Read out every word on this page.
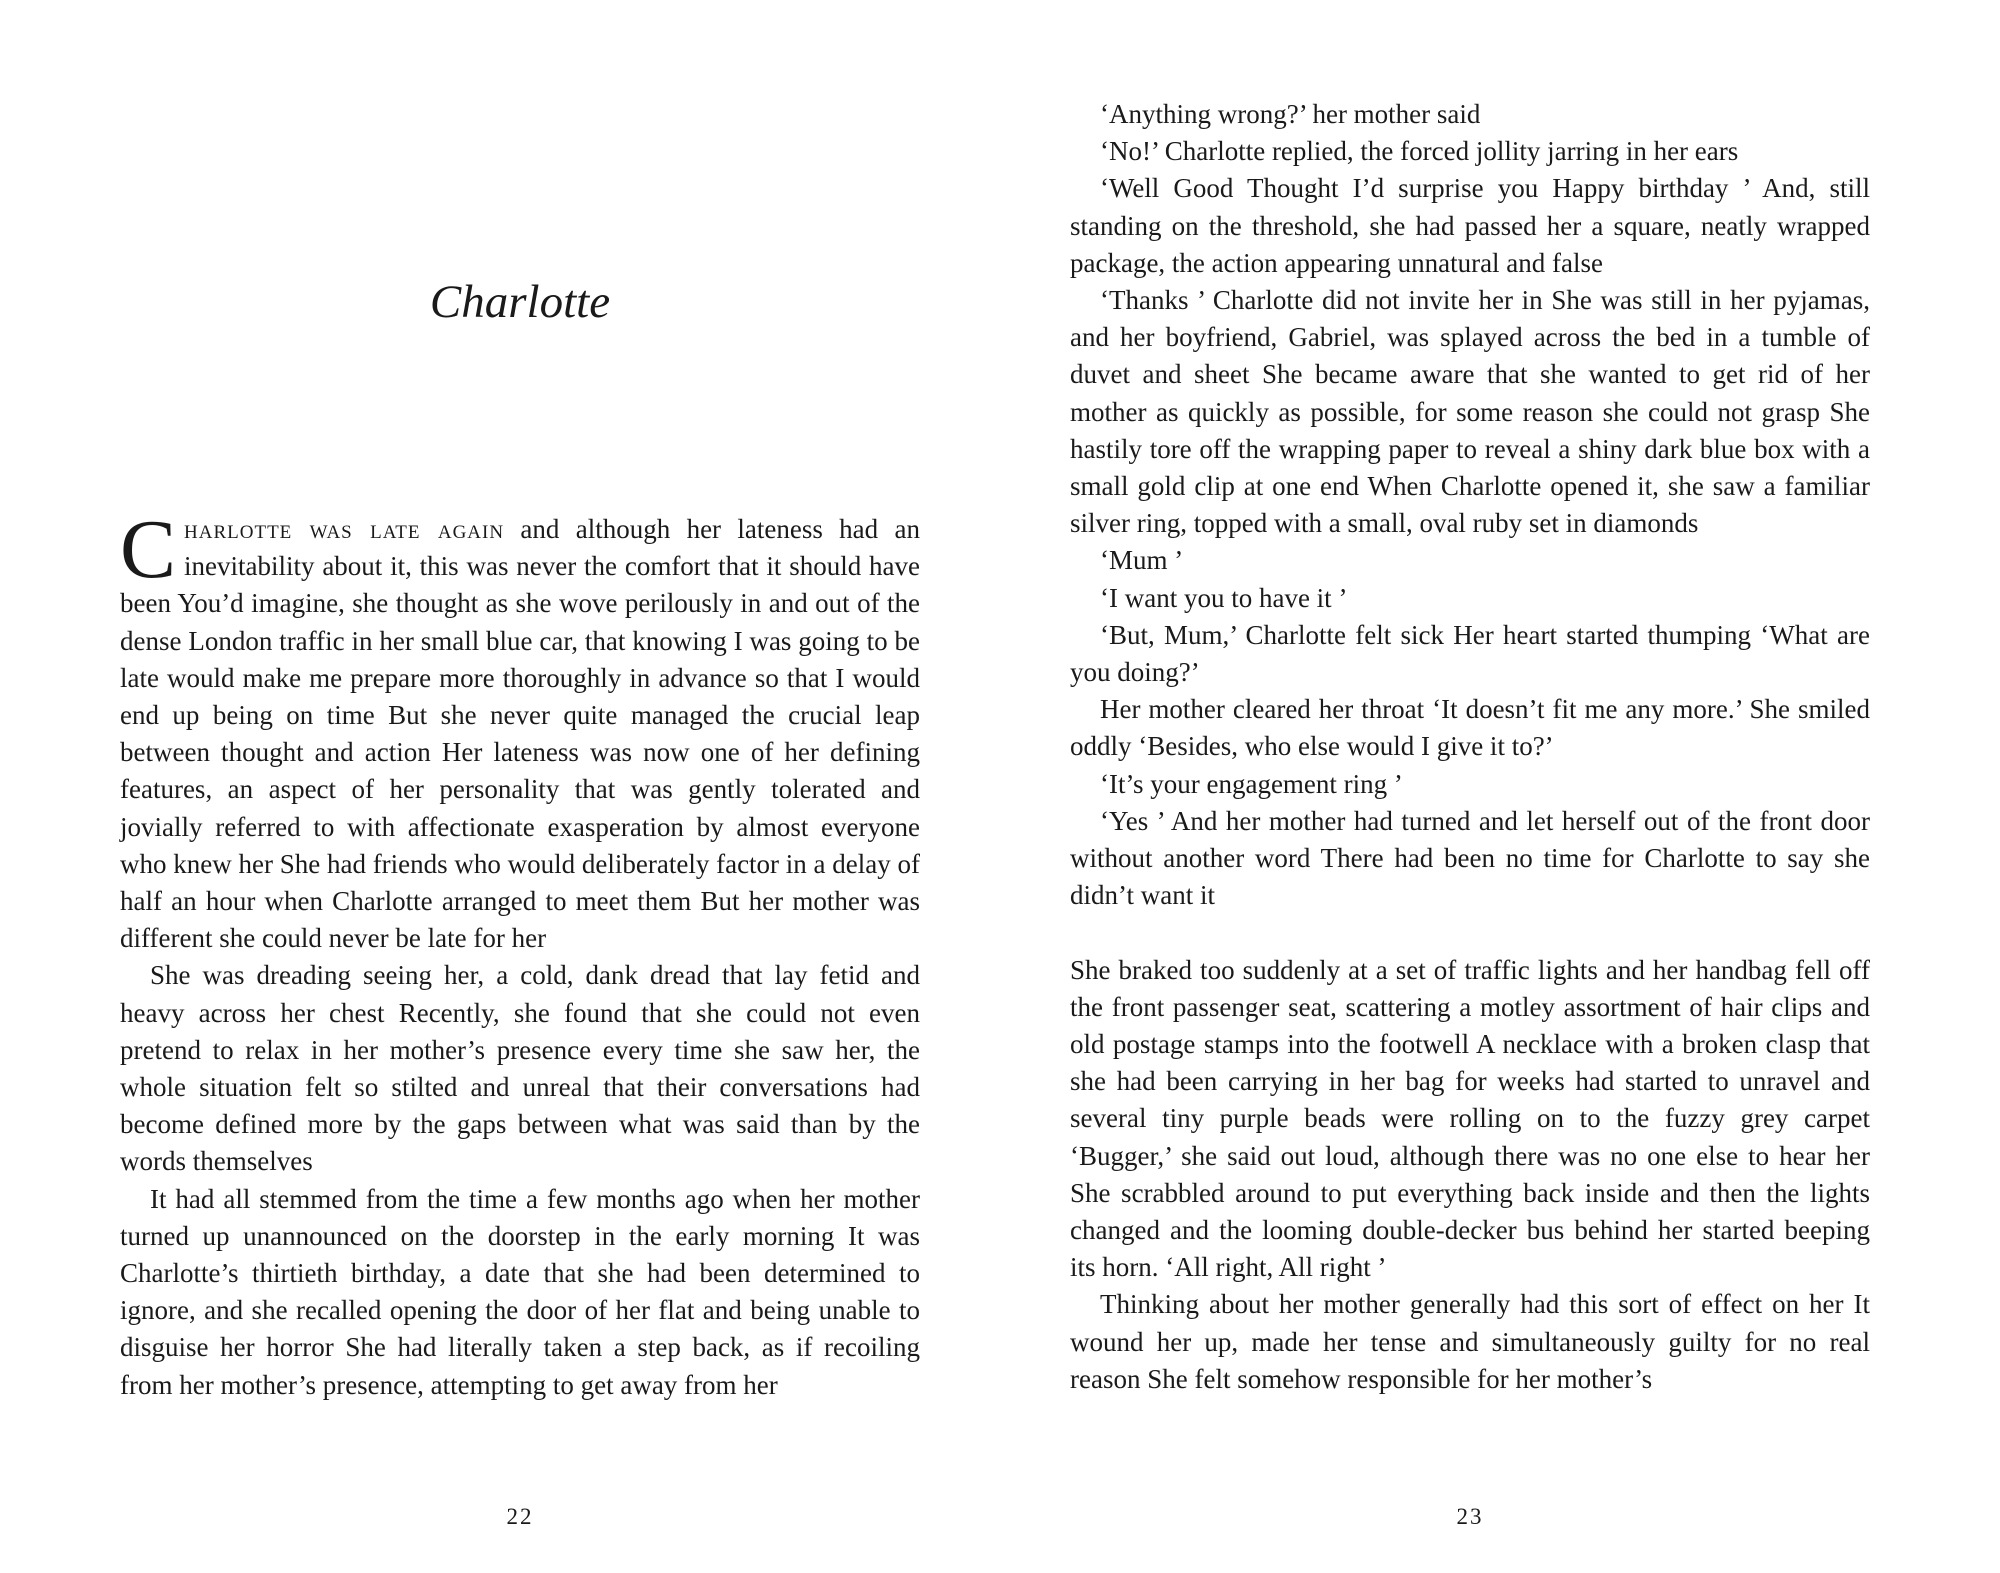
Charlotte

Charlotte was late again and although her lateness had an inevitability about it, this was never the comfort that it should have been You’d imagine, she thought as she wove perilously in and out of the dense London traffic in her small blue car, that knowing I was going to be late would make me prepare more thoroughly in advance so that I would end up being on time But she never quite managed the crucial leap between thought and action Her lateness was now one of her defining features, an aspect of her personality that was gently tolerated and jovially referred to with affectionate exasperation by almost everyone who knew her She had friends who would deliberately factor in a delay of half an hour when Charlotte arranged to meet them But her mother was different she could never be late for her

She was dreading seeing her, a cold, dank dread that lay fetid and heavy across her chest Recently, she found that she could not even pretend to relax in her mother’s presence every time she saw her, the whole situation felt so stilted and unreal that their conversations had become defined more by the gaps between what was said than by the words themselves

It had all stemmed from the time a few months ago when her mother turned up unannounced on the doorstep in the early morning It was Charlotte’s thirtieth birthday, a date that she had been determined to ignore, and she recalled opening the door of her flat and being unable to disguise her horror She had literally taken a step back, as if recoiling from her mother’s presence, attempting to get away from her

22

‘Anything wrong?’ her mother said

‘No!’ Charlotte replied, the forced jollity jarring in her ears

‘Well Good Thought I’d surprise you Happy birthday ’ And, still standing on the threshold, she had passed her a square, neatly wrapped package, the action appearing unnatural and false

‘Thanks ’ Charlotte did not invite her in She was still in her pyjamas, and her boyfriend, Gabriel, was splayed across the bed in a tumble of duvet and sheet She became aware that she wanted to get rid of her mother as quickly as possible, for some reason she could not grasp She hastily tore off the wrapping paper to reveal a shiny dark blue box with a small gold clip at one end When Charlotte opened it, she saw a familiar silver ring, topped with a small, oval ruby set in diamonds

‘Mum ’

‘I want you to have it ’

‘But, Mum,’ Charlotte felt sick Her heart started thumping ‘What are you doing?’

Her mother cleared her throat ‘It doesn’t fit me any more.’ She smiled oddly ‘Besides, who else would I give it to?’

‘It’s your engagement ring ’

‘Yes ’ And her mother had turned and let herself out of the front door without another word There had been no time for Charlotte to say she didn’t want it

She braked too suddenly at a set of traffic lights and her handbag fell off the front passenger seat, scattering a motley assortment of hair clips and old postage stamps into the footwell A necklace with a broken clasp that she had been carrying in her bag for weeks had started to unravel and several tiny purple beads were rolling on to the fuzzy grey carpet ‘Bugger,’ she said out loud, although there was no one else to hear her She scrabbled around to put everything back inside and then the lights changed and the looming double-decker bus behind her started beeping its horn. ‘All right, All right ’

Thinking about her mother generally had this sort of effect on her It wound her up, made her tense and simultaneously guilty for no real reason She felt somehow responsible for her mother’s

23
